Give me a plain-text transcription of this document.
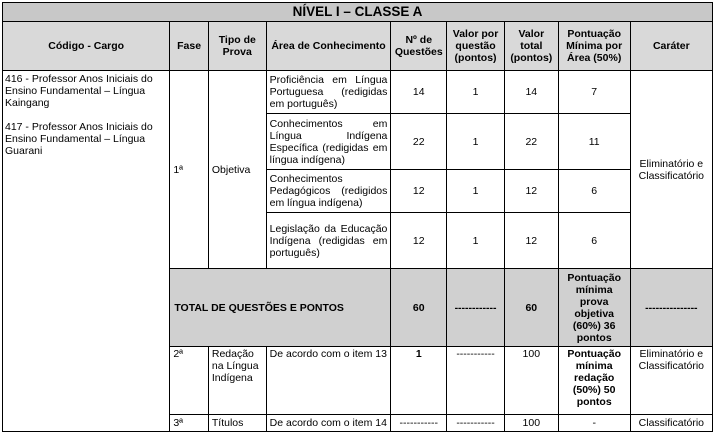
NÍVEL I – CLASSE A								
Código - Cargo	Fase	Tipo de Prova	Área de Conhecimento	Nº de Questões	Valor por questão (pontos)	Valor total (pontos)	Pontuação Mínima por Área (50%)	Caráter

416 - Professor Anos Iniciais do Ensino Fundamental – Língua Kaingang

417 - Professor Anos Iniciais do Ensino Fundamental – Língua Guarani	1ª	Objetiva	Proficiência em Língua Portuguesa (redigidas em português)	14	1	14	7	Eliminatório e Classificatório
			Conhecimentos em Língua Indígena Específica (redigidas em língua indígena)	22	1	22	11	
			Conhecimentos Pedagógicos (redigidos em língua indígena)	12	1	12	6	
			Legislação da Educação Indígena (redigidas em português)	12	1	12	6	
	TOTAL DE QUESTÕES E PONTOS			60	------------	60	Pontuação mínima prova objetiva (60%) 36 pontos	---------------
	2ª	Redação na Língua Indígena	De acordo com o item 13	1	-----------	100	Pontuação mínima redação (50%) 50 pontos	Eliminatório e Classificatório
	3ª	Títulos	De acordo com o item 14	-----------	-----------	100	-	Classificatório
